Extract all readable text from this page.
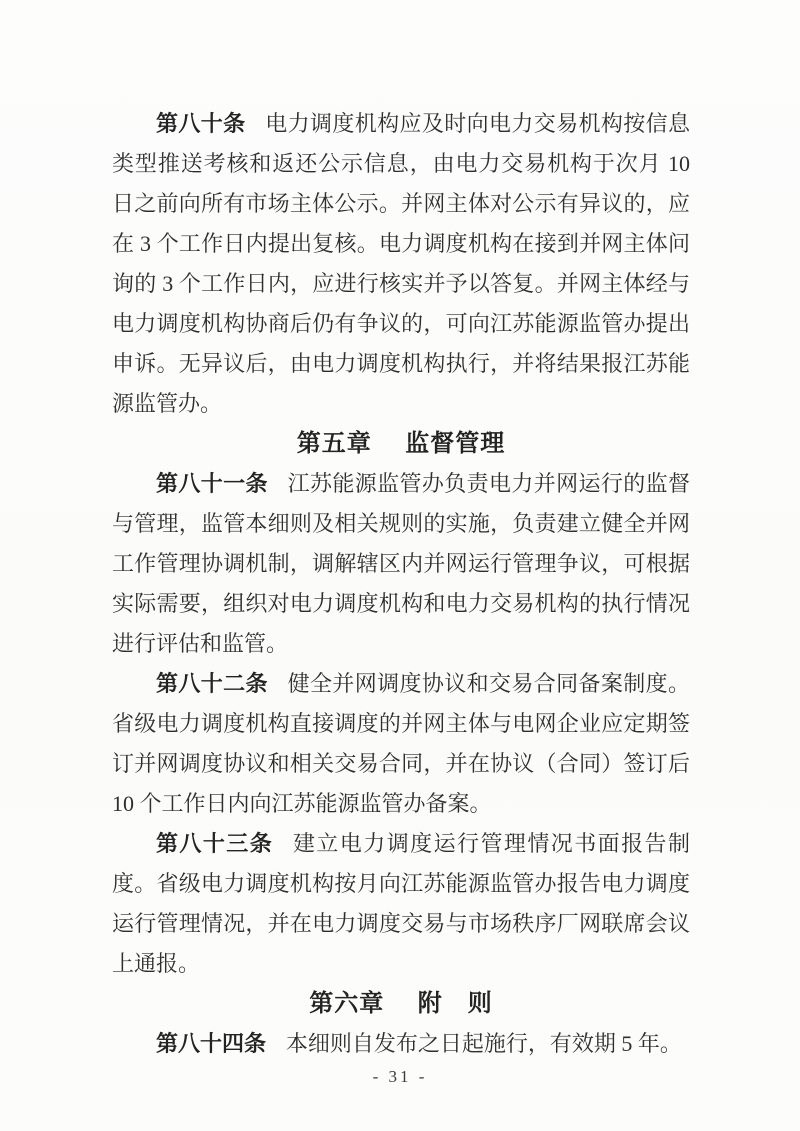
第八十条 电力调度机构应及时向电力交易机构按信息类型推送考核和返还公示信息，由电力交易机构于次月 10 日之前向所有市场主体公示。并网主体对公示有异议的，应在 3 个工作日内提出复核。电力调度机构在接到并网主体问询的 3 个工作日内，应进行核实并予以答复。并网主体经与电力调度机构协商后仍有争议的，可向江苏能源监管办提出申诉。无异议后，由电力调度机构执行，并将结果报江苏能源监管办。

第五章 监督管理

第八十一条 江苏能源监管办负责电力并网运行的监督与管理，监管本细则及相关规则的实施，负责建立健全并网工作管理协调机制，调解辖区内并网运行管理争议，可根据实际需要，组织对电力调度机构和电力交易机构的执行情况进行评估和监管。

第八十二条 健全并网调度协议和交易合同备案制度。省级电力调度机构直接调度的并网主体与电网企业应定期签订并网调度协议和相关交易合同，并在协议（合同）签订后 10 个工作日内向江苏能源监管办备案。

第八十三条 建立电力调度运行管理情况书面报告制度。省级电力调度机构按月向江苏能源监管办报告电力调度运行管理情况，并在电力调度交易与市场秩序厂网联席会议上通报。

第六章 附　则

第八十四条 本细则自发布之日起施行，有效期 5 年。

- 31 -
